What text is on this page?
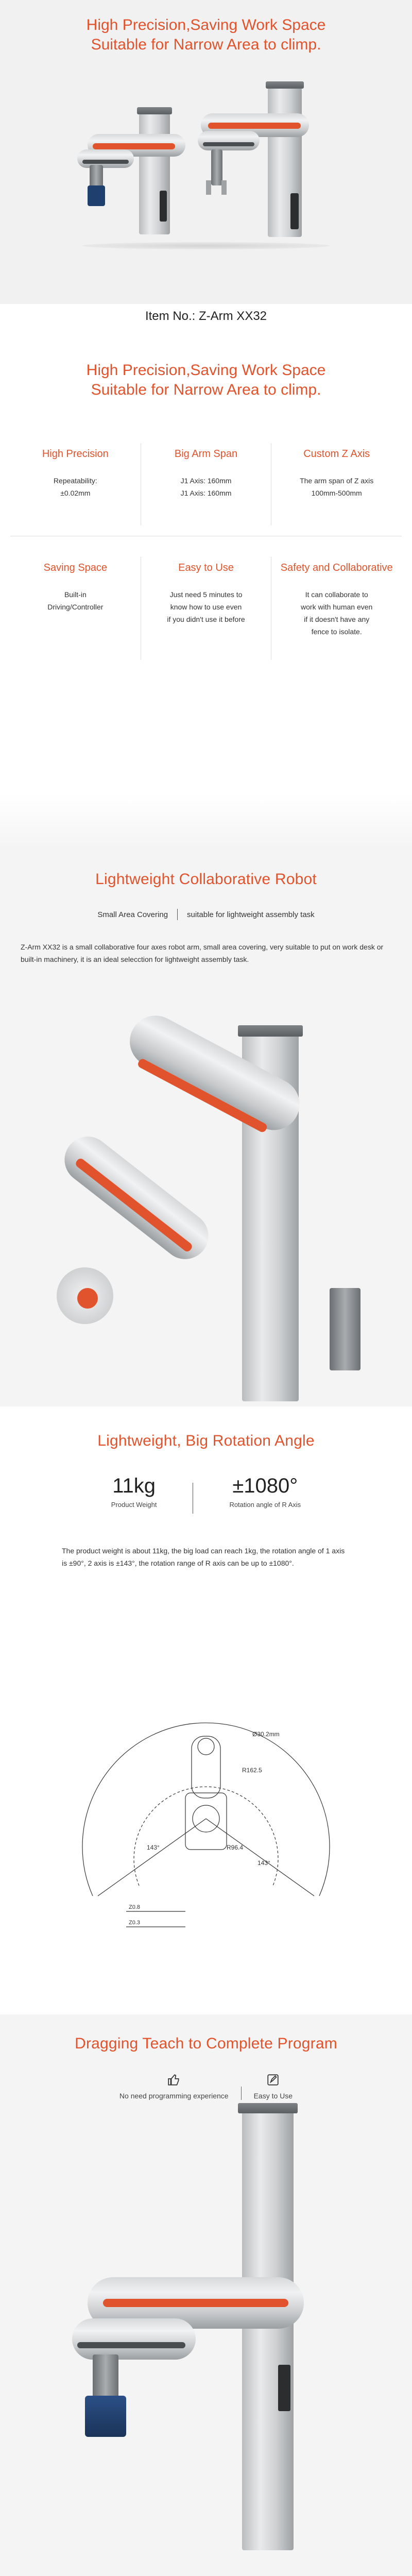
High Precision,Saving Work Space
Suitable for Narrow Area to climp.
Item No.: Z-Arm XX32
High Precision,Saving Work Space
Suitable for Narrow Area to climp.
High Precision
Repeatability:
±0.02mm
Big Arm Span
J1 Axis: 160mm
J1 Axis: 160mm
Custom Z Axis
The arm span of Z axis
100mm-500mm
Saving Space
Built-in
Driving/Controller
Easy to Use
Just need 5 minutes to
know how to use even
if you didn't use it before
Safety and Collaborative
It can collaborate to
work with human even
if it doesn't have any
fence to isolate.
Lightweight Collaborative Robot
Small Area Covering suitable for lightweight assembly task

Z-Arm XX32 is a small collaborative four axes robot arm, small area covering, very suitable to put on work desk or built-in machinery, it is an ideal selecction for lightweight assembly task.

Lightweight, Big Rotation Angle
11kg
Product Weight
±1080°
Rotation angle of R Axis

The product weight is about 11kg, the big load can reach 1kg, the rotation angle of 1 axis is ±90°, 2 axis is ±143°, the rotation range of R axis can be up to ±1080°.

R162.5
R96.4
143°
143°
Ø30.2mm
Z0.8
Z0.3
Dragging Teach to Complete Program
No need programming experience	Easy to Use
